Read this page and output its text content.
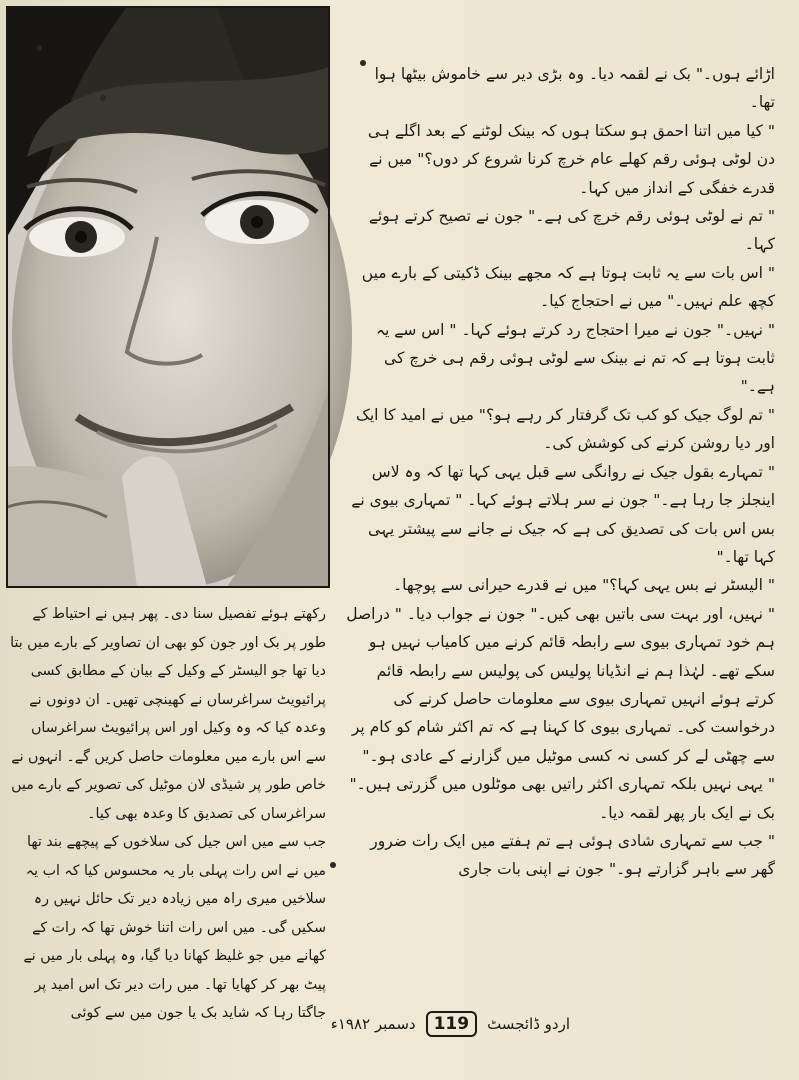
اڑائے ہوں۔" بک نے لقمہ دیا۔ وہ بڑی دیر سے خاموش بیٹھا ہوا تھا۔

" کیا میں اتنا احمق ہو سکتا ہوں کہ بینک لوٹنے کے بعد اگلے ہی دن لوٹی ہوئی رقم کھلے عام خرچ کرنا شروع کر دوں؟" میں نے قدرے خفگی کے انداز میں کہا۔

" تم نے لوٹی ہوئی رقم خرچ کی ہے۔" جون نے تصیح کرتے ہوئے کہا۔

" اس بات سے یہ ثابت ہوتا ہے کہ مجھے بینک ڈکیتی کے بارے میں کچھ علم نہیں۔" میں نے احتجاج کیا۔

" نہیں۔" جون نے میرا احتجاج رد کرتے ہوئے کہا۔ " اس سے یہ ثابت ہوتا ہے کہ تم نے بینک سے لوٹی ہوئی رقم ہی خرچ کی ہے۔"

" تم لوگ جیک کو کب تک گرفتار کر رہے ہو؟" میں نے امید کا ایک اور دیا روشن کرنے کی کوشش کی۔

" تمہارے بقول جیک نے روانگی سے قبل یہی کہا تھا کہ وہ لاس اینجلز جا رہا ہے۔" جون نے سر ہلاتے ہوئے کہا۔ " تمہاری بیوی نے بس اس بات کی تصدیق کی ہے کہ جیک نے جانے سے پیشتر یہی کہا تھا۔"

" الیسٹر نے بس یہی کہا؟" میں نے قدرے حیرانی سے پوچھا۔

" نہیں، اور بہت سی باتیں بھی کیں۔" جون نے جواب دیا۔ " دراصل ہم خود تمہاری بیوی سے رابطہ قائم کرنے میں کامیاب نہیں ہو سکے تھے۔ لہٰذا ہم نے انڈیانا پولیس کی پولیس سے رابطہ قائم کرتے ہوئے انہیں تمہاری بیوی سے معلومات حاصل کرنے کی درخواست کی۔ تمہاری بیوی کا کہنا ہے کہ تم اکثر شام کو کام پر سے چھٹی لے کر کسی نہ کسی موٹیل میں گزارنے کے عادی ہو۔"

" یہی نہیں بلکہ تمہاری اکثر راتیں بھی موٹلوں میں گزرتی ہیں۔" بک نے ایک بار پھر لقمہ دیا۔

" جب سے تمہاری شادی ہوئی ہے تم ہفتے میں ایک رات ضرور گھر سے باہر گزارتے ہو۔" جون نے اپنی بات جاری

رکھتے ہوئے تفصیل سنا دی۔ پھر ہیں نے احتیاط کے طور پر بک اور جون کو بھی ان تصاویر کے بارے میں بتا دیا تھا جو الیسٹر کے وکیل کے بیان کے مطابق کسی پرائیویٹ سراغرساں نے کھینچی تھیں۔ ان دونوں نے وعدہ کیا کہ وہ وکیل اور اس پرائیویٹ سراغرساں سے اس بارے میں معلومات حاصل کریں گے۔ انہوں نے خاص طور پر شیڈی لان موٹیل کی تصویر کے بارے میں سراغرساں کی تصدیق کا وعدہ بھی کیا۔

جب سے میں اس جیل کی سلاخوں کے پیچھے بند تھا میں نے اس رات پہلی بار یہ محسوس کیا کہ اب یہ سلاخیں میری راہ میں زیادہ دیر تک حائل نہیں رہ سکیں گی۔ میں اس رات اتنا خوش تھا کہ رات کے کھانے میں جو غلیظ کھانا دیا گیا، وہ پہلی بار میں نے پیٹ بھر کر کھایا تھا۔ میں رات دیر تک اس امید پر جاگتا رہا کہ شاید بک یا جون میں سے کوئی

اردو ڈائجسٹ
119
دسمبر ۱۹۸۲ء
